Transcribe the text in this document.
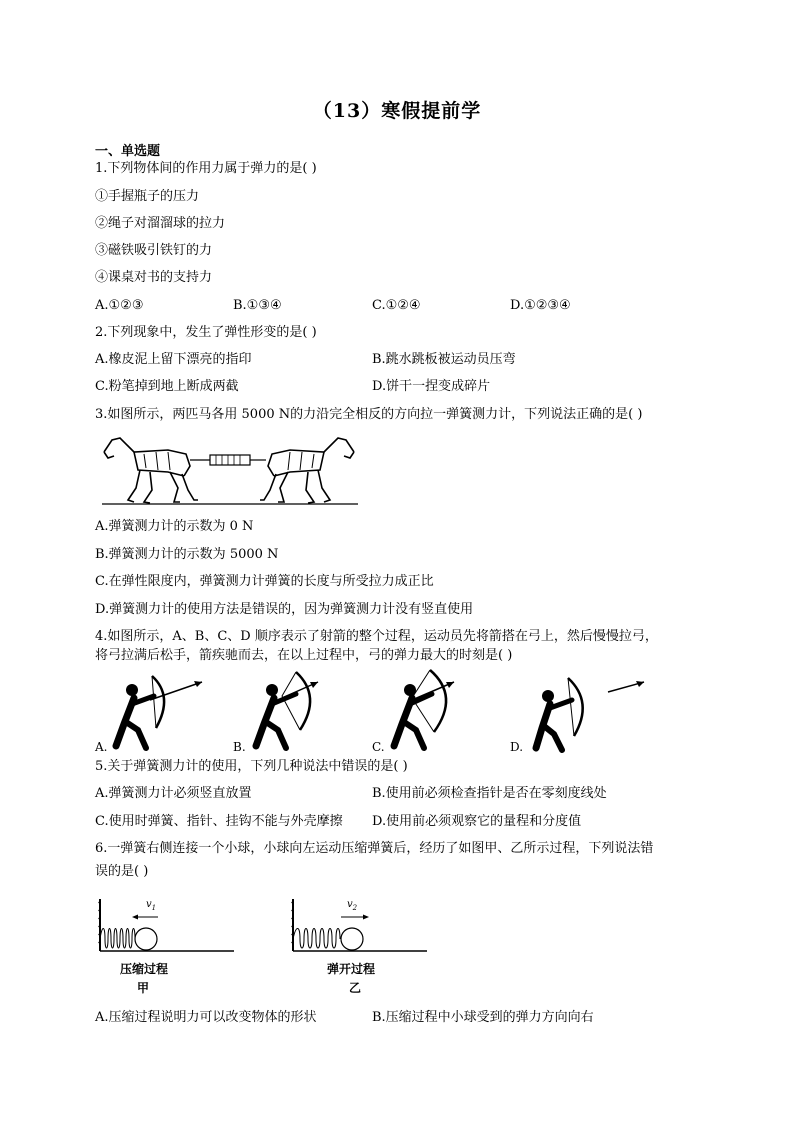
（13）寒假提前学
一、单选题
1.下列物体间的作用力属于弹力的是( )
①手握瓶子的压力
②绳子对溜溜球的拉力
③磁铁吸引铁钉的力
④课桌对书的支持力
A.①②③	B.①③④	C.①②④	D.①②③④
2.下列现象中，发生了弹性形变的是( )
A.橡皮泥上留下漂亮的指印	B.跳水跳板被运动员压弯
C.粉笔掉到地上断成两截	D.饼干一捏变成碎片
3.如图所示，两匹马各用 5000 N的力沿完全相反的方向拉一弹簧测力计，下列说法正确的是( )
A.弹簧测力计的示数为 0 N
B.弹簧测力计的示数为 5000 N
C.在弹性限度内，弹簧测力计弹簧的长度与所受拉力成正比
D.弹簧测力计的使用方法是错误的，因为弹簧测力计没有竖直使用
4.如图所示，A、B、C、D 顺序表示了射箭的整个过程，运动员先将箭搭在弓上，然后慢慢拉弓，
将弓拉满后松手，箭疾驰而去，在以上过程中，弓的弹力最大的时刻是( )
A.	B.	C.	D.
5.关于弹簧测力计的使用，下列几种说法中错误的是( )
A.弹簧测力计必须竖直放置	B.使用前必须检查指针是否在零刻度线处
C.使用时弹簧、指针、挂钩不能与外壳摩擦 D.使用前必须观察它的量程和分度值
6.一弹簧右侧连接一个小球，小球向左运动压缩弹簧后，经历了如图甲、乙所示过程，下列说法错
误的是( )
$v_1$
压缩过程
甲
$v_2$
弹开过程
乙
A.压缩过程说明力可以改变物体的形状	B.压缩过程中小球受到的弹力方向向右
